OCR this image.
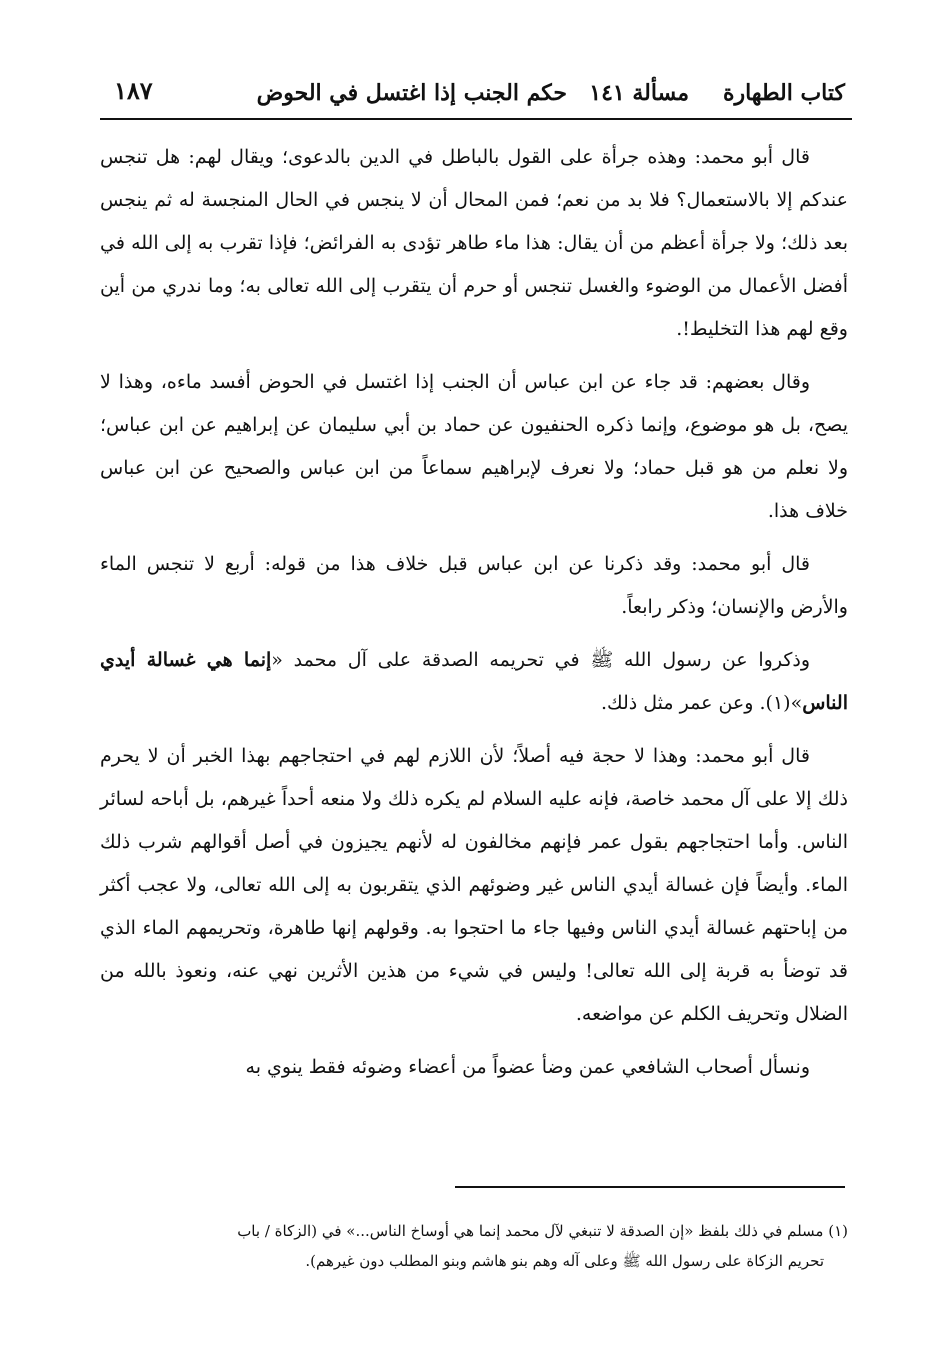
كتاب الطهارة
مسألة ١٤١
حكم الجنب إذا اغتسل في الحوض
١٨٧

قال أبو محمد: وهذه جرأة على القول بالباطل في الدين بالدعوى؛ ويقال لهم: هل تنجس عندكم إلا بالاستعمال؟ فلا بد من نعم؛ فمن المحال أن لا ينجس في الحال المنجسة له ثم ينجس بعد ذلك؛ ولا جرأة أعظم من أن يقال: هذا ماء طاهر تؤدى به الفرائض؛ فإذا تقرب به إلى الله في أفضل الأعمال من الوضوء والغسل تنجس أو حرم أن يتقرب إلى الله تعالى به؛ وما ندري من أين وقع لهم هذا التخليط!.

وقال بعضهم: قد جاء عن ابن عباس أن الجنب إذا اغتسل في الحوض أفسد ماءه، وهذا لا يصح، بل هو موضوع، وإنما ذكره الحنفيون عن حماد بن أبي سليمان عن إبراهيم عن ابن عباس؛ ولا نعلم من هو قبل حماد؛ ولا نعرف لإبراهيم سماعاً من ابن عباس والصحيح عن ابن عباس خلاف هذا.

قال أبو محمد: وقد ذكرنا عن ابن عباس قبل خلاف هذا من قوله: أربع لا تنجس الماء والأرض والإنسان؛ وذكر رابعاً.

وذكروا عن رسول الله ﷺ في تحريمه الصدقة على آل محمد «إنما هي غسالة أيدي الناس»(١). وعن عمر مثل ذلك.

قال أبو محمد: وهذا لا حجة فيه أصلاً؛ لأن اللازم لهم في احتجاجهم بهذا الخبر أن لا يحرم ذلك إلا على آل محمد خاصة، فإنه عليه السلام لم يكره ذلك ولا منعه أحداً غيرهم، بل أباحه لسائر الناس. وأما احتجاجهم بقول عمر فإنهم مخالفون له لأنهم يجيزون في أصل أقوالهم شرب ذلك الماء. وأيضاً فإن غسالة أيدي الناس غير وضوئهم الذي يتقربون به إلى الله تعالى، ولا عجب أكثر من إباحتهم غسالة أيدي الناس وفيها جاء ما احتجوا به. وقولهم إنها طاهرة، وتحريمهم الماء الذي قد توضأ به قربة إلى الله تعالى! وليس في شيء من هذين الأثرين نهي عنه، ونعوذ بالله من الضلال وتحريف الكلم عن مواضعه.

ونسأل أصحاب الشافعي عمن وضأ عضواً من أعضاء وضوئه فقط ينوي به

(١) مسلم في ذلك بلفظ «إن الصدقة لا تنبغي لآل محمد إنما هي أوساخ الناس...» في (الزكاة / باب
تحريم الزكاة على رسول الله ﷺ وعلى آله وهم بنو هاشم وبنو المطلب دون غيرهم).
